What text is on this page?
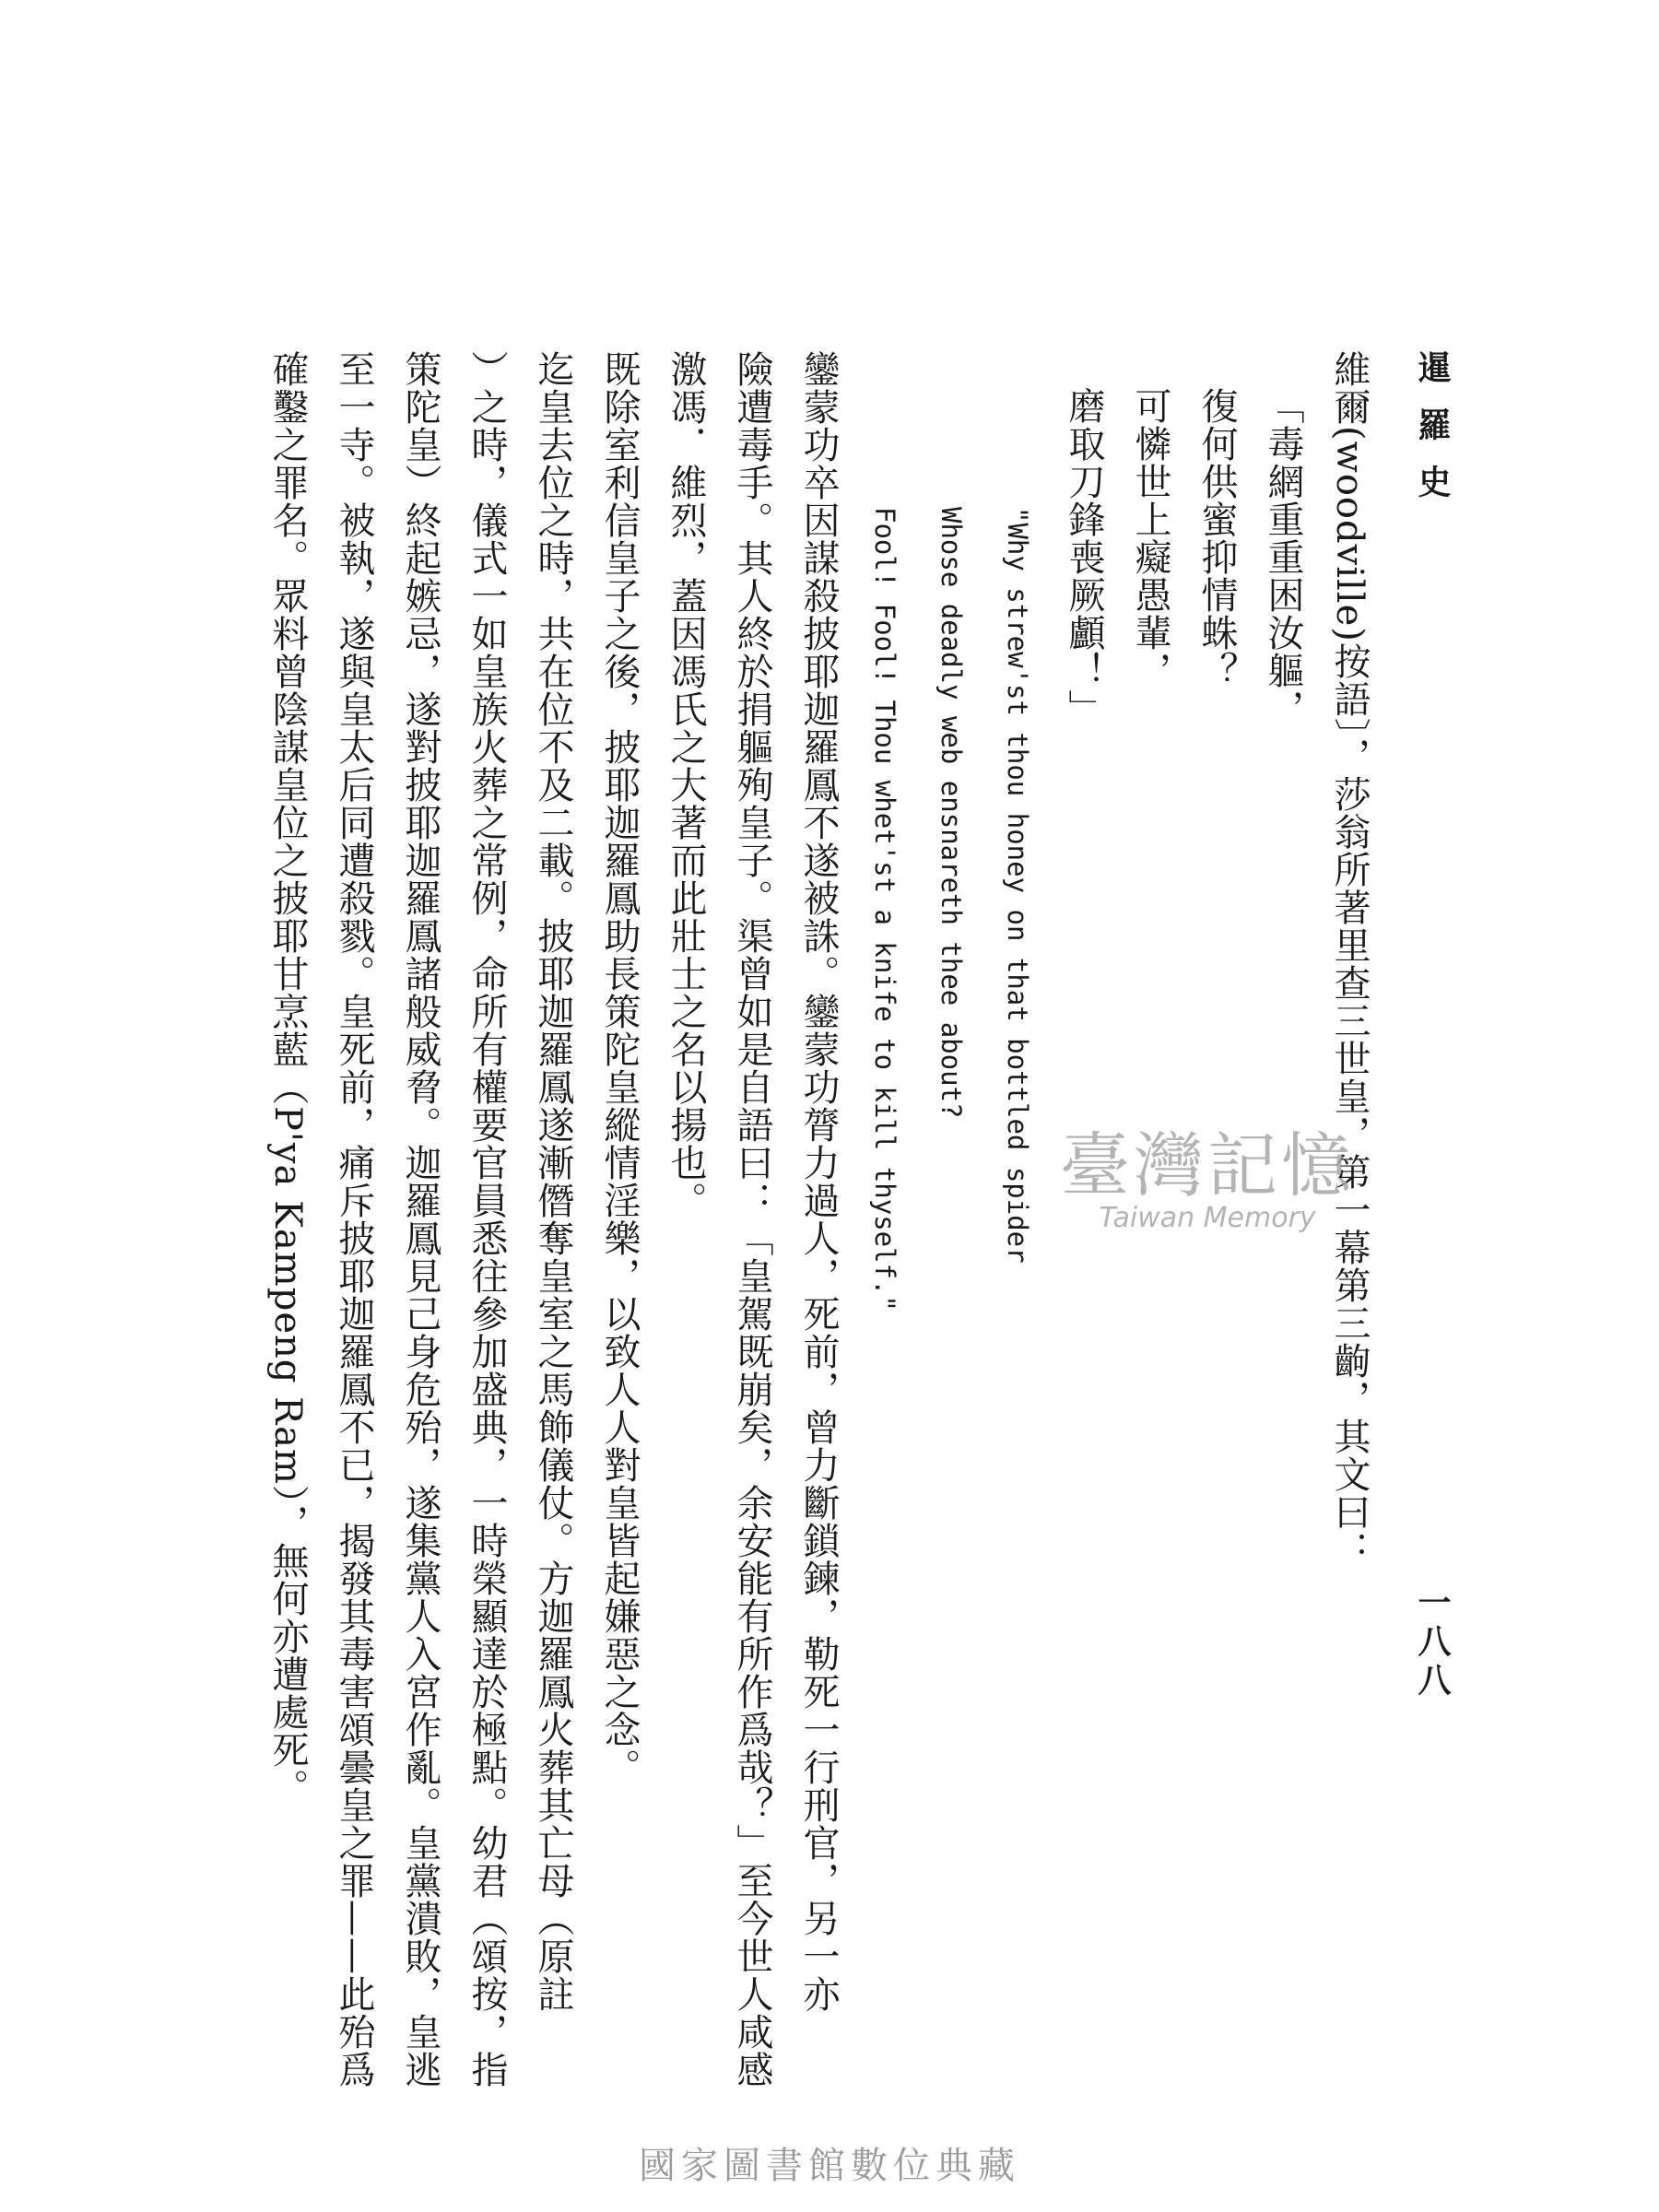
暹羅史
一八八
維爾(woodville)按語〕，莎翁所著里查三世皇，第一幕第三齣，其文曰：
「毒網重重困汝軀，
復何供蜜抑情蛛？
可憐世上癡愚輩，
磨取刀鋒喪厥顱！」
"Why strew'st thou honey on that bottled spider
Whose deadly web ensnareth thee about?
Fool! Fool! Thou whet'st a knife to kill thyself."
鑾蒙功卒因謀殺披耶迦羅鳳不遂被誅。鑾蒙功膂力過人，死前，曾力斷鎖鍊，勒死一行刑官，另一亦
險遭毒手。其人終於捐軀殉皇子。渠曾如是自語曰：「皇駕既崩矣，余安能有所作爲哉？」至今世人咸感
激馮．維烈，蓋因馮氏之大著而此壯士之名以揚也。
既除室利信皇子之後，披耶迦羅鳳助長策陀皇縱情淫樂，以致人人對皇皆起嫌惡之念。
迄皇去位之時，共在位不及二載。披耶迦羅鳳遂漸僭奪皇室之馬飾儀仗。方迦羅鳳火葬其亡母（原註
）之時，儀式一如皇族火葬之常例，命所有權要官員悉往參加盛典，一時榮顯達於極點。幼君（頌按，指
策陀皇）終起嫉忌，遂對披耶迦羅鳳諸般威脅。迦羅鳳見己身危殆，遂集黨人入宮作亂。皇黨潰敗，皇逃
至一寺。被執，遂與皇太后同遭殺戮。皇死前，痛斥披耶迦羅鳳不已，揭發其毒害頌曇皇之罪——此殆爲
確鑿之罪名。眾料曾陰謀皇位之披耶甘烹藍（P'ya Kampeng Ram），無何亦遭處死。	臺灣記憶
Taiwan Memory
國家圖書館數位典藏
